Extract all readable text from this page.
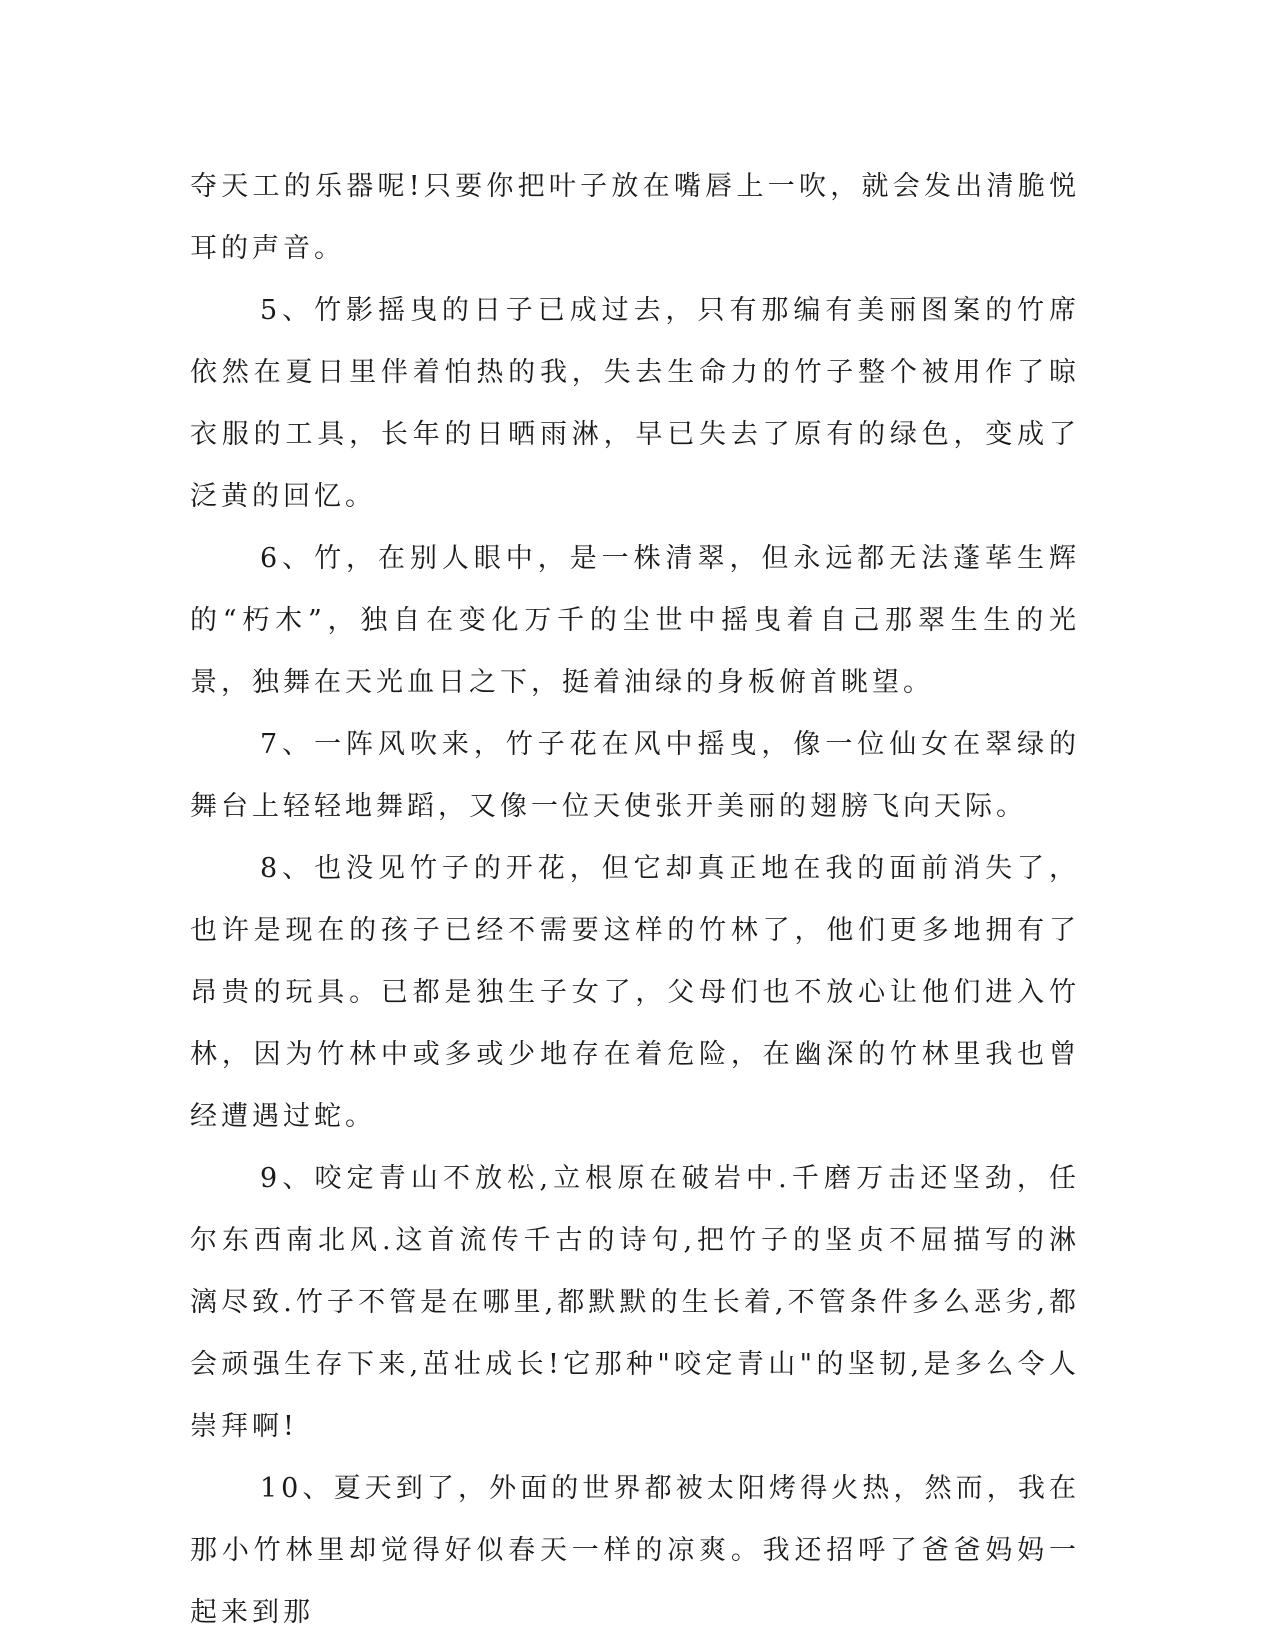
夺天工的乐器呢!只要你把叶子放在嘴唇上一吹，就会发出清脆悦耳的声音。

5、竹影摇曳的日子已成过去，只有那编有美丽图案的竹席依然在夏日里伴着怕热的我，失去生命力的竹子整个被用作了晾衣服的工具，长年的日晒雨淋，早已失去了原有的绿色，变成了泛黄的回忆。

6、竹，在别人眼中，是一株清翠，但永远都无法蓬荜生辉的“朽木”，独自在变化万千的尘世中摇曳着自己那翠生生的光景，独舞在天光血日之下，挺着油绿的身板俯首眺望。

7、一阵风吹来，竹子花在风中摇曳，像一位仙女在翠绿的舞台上轻轻地舞蹈，又像一位天使张开美丽的翅膀飞向天际。

8、也没见竹子的开花，但它却真正地在我的面前消失了，也许是现在的孩子已经不需要这样的竹林了，他们更多地拥有了昂贵的玩具。已都是独生子女了，父母们也不放心让他们进入竹林，因为竹林中或多或少地存在着危险，在幽深的竹林里我也曾经遭遇过蛇。

9、咬定青山不放松,立根原在破岩中.千磨万击还坚劲，任尔东西南北风.这首流传千古的诗句,把竹子的坚贞不屈描写的淋漓尽致.竹子不管是在哪里,都默默的生长着,不管条件多么恶劣,都会顽强生存下来,茁壮成长!它那种"咬定青山"的坚韧,是多么令人崇拜啊!

10、夏天到了，外面的世界都被太阳烤得火热，然而，我在那小竹林里却觉得好似春天一样的凉爽。我还招呼了爸爸妈妈一起来到那
